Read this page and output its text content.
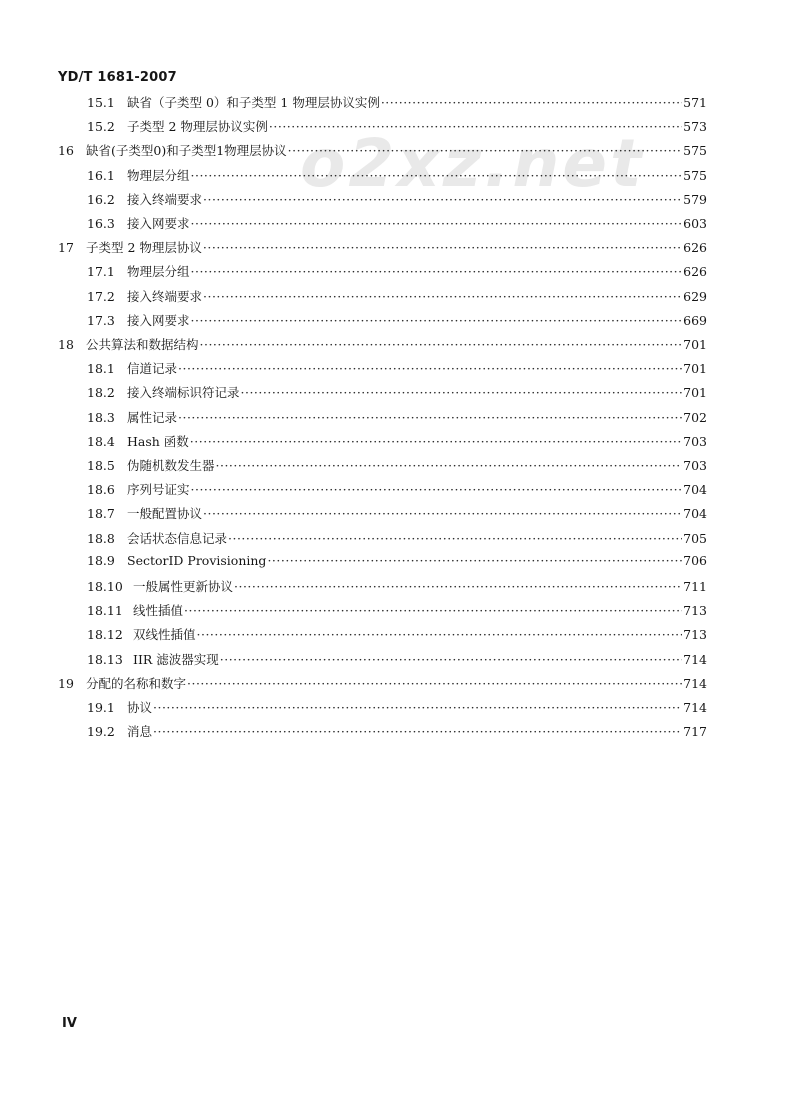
YD/T 1681-2007
o2xz.net
15.1 缺省（子类型 0）和子类型 1 物理层协议实例 ·····	571
15.2 子类型 2 物理层协议实例 ·····	573
16 缺省(子类型0)和子类型1物理层协议 ·····	575
16.1 物理层分组 ·····	575
16.2 接入终端要求 ·····	579
16.3 接入网要求 ·····	603
17 子类型 2 物理层协议 ·····	626
17.1 物理层分组 ·····	626
17.2 接入终端要求 ·····	629
17.3 接入网要求 ·····	669
18 公共算法和数据结构 ·····	701
18.1 信道记录 ·····	701
18.2 接入终端标识符记录 ·····	701
18.3 属性记录 ·····	702
18.4 Hash 函数 ·····	703
18.5 伪随机数发生器 ·····	703
18.6 序列号证实 ·····	704
18.7 一般配置协议 ·····	704
18.8 会话状态信息记录 ·····	705
18.9 SectorID Provisioning ·····	706
18.10 一般属性更新协议 ·····	711
18.11 线性插值 ·····	713
18.12 双线性插值 ·····	713
18.13 IIR 滤波器实现 ·····	714
19 分配的名称和数字 ·····	714
19.1 协议 ·····	714
19.2 消息 ·····	717
IV
